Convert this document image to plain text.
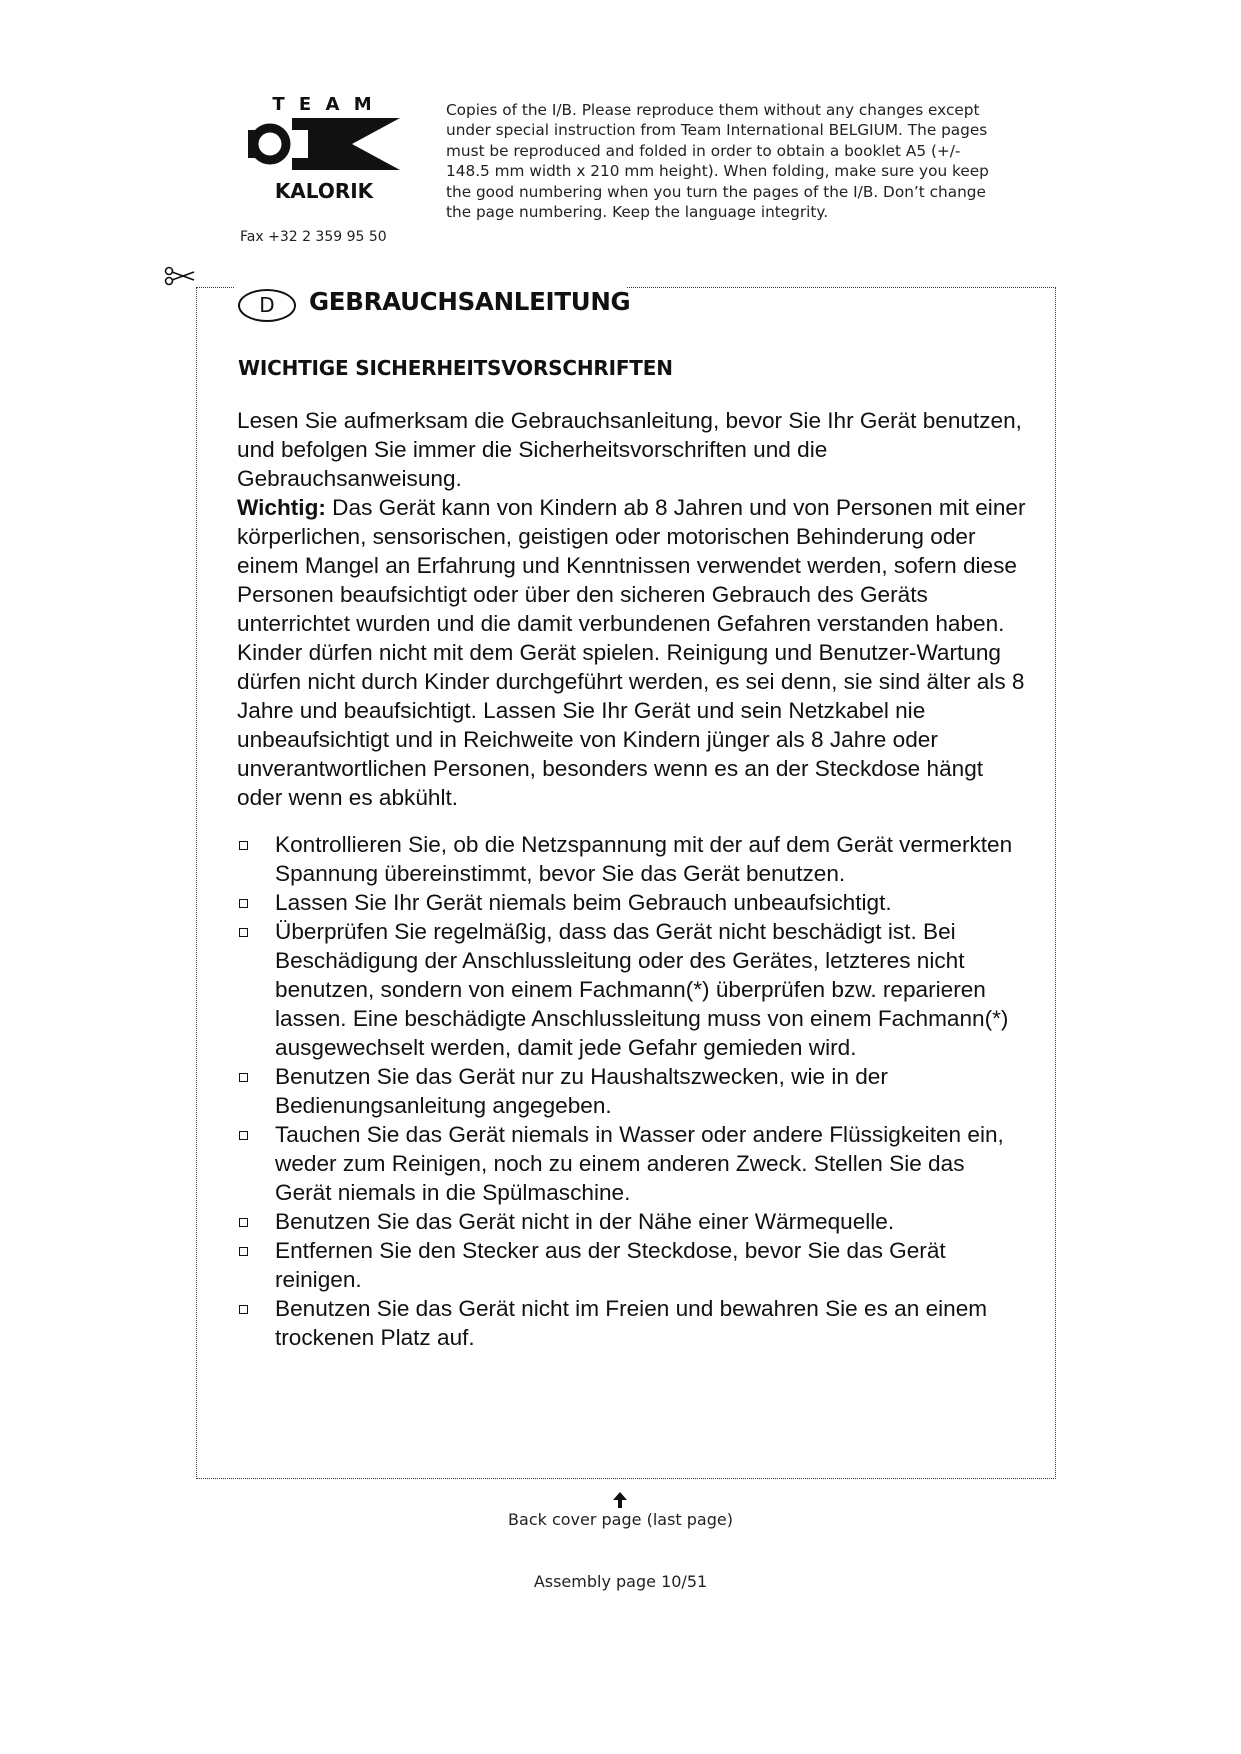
T E A M
KALORIK
Fax +32 2 359 95 50
Copies of the I/B. Please reproduce them without any changes except under special instruction from Team International BELGIUM. The pages must be reproduced and folded in order to obtain a booklet A5 (+/- 148.5 mm width x 210 mm height). When folding, make sure you keep the good numbering when you turn the pages of the I/B. Don’t change the page numbering. Keep the language integrity.
D	GEBRAUCHSANLEITUNG
WICHTIGE SICHERHEITSVORSCHRIFTEN

Lesen Sie aufmerksam die Gebrauchsanleitung, bevor Sie Ihr Gerät benutzen, und befolgen Sie immer die Sicherheitsvorschriften und die Gebrauchsanweisung.

Wichtig: Das Gerät kann von Kindern ab 8 Jahren und von Personen mit einer körperlichen, sensorischen, geistigen oder motorischen Behinderung oder einem Mangel an Erfahrung und Kenntnissen verwendet werden, sofern diese Personen beaufsichtigt oder über den sicheren Gebrauch des Geräts unterrichtet wurden und die damit verbundenen Gefahren verstanden haben. Kinder dürfen nicht mit dem Gerät spielen. Reinigung und Benutzer-Wartung dürfen nicht durch Kinder durchgeführt werden, es sei denn, sie sind älter als 8 Jahre und beaufsichtigt. Lassen Sie Ihr Gerät und sein Netzkabel nie unbeaufsichtigt und in Reichweite von Kindern jünger als 8 Jahre oder unverantwortlichen Personen, besonders wenn es an der Steckdose hängt oder wenn es abkühlt.

Kontrollieren Sie, ob die Netzspannung mit der auf dem Gerät vermerkten Spannung übereinstimmt, bevor Sie das Gerät benutzen.
Lassen Sie Ihr Gerät niemals beim Gebrauch unbeaufsichtigt.
Überprüfen Sie regelmäßig, dass das Gerät nicht beschädigt ist. Bei Beschädigung der Anschlussleitung oder des Gerätes, letzteres nicht benutzen, sondern von einem Fachmann(*) überprüfen bzw. reparieren lassen. Eine beschädigte Anschlussleitung muss von einem Fachmann(*) ausgewechselt werden, damit jede Gefahr gemieden wird.
Benutzen Sie das Gerät nur zu Haushaltszwecken, wie in der Bedienungsanleitung angegeben.
Tauchen Sie das Gerät niemals in Wasser oder andere Flüssigkeiten ein, weder zum Reinigen, noch zu einem anderen Zweck. Stellen Sie das Gerät niemals in die Spülmaschine.
Benutzen Sie das Gerät nicht in der Nähe einer Wärmequelle.
Entfernen Sie den Stecker aus der Steckdose, bevor Sie das Gerät reinigen.
Benutzen Sie das Gerät nicht im Freien und bewahren Sie es an einem trockenen Platz auf.
Back cover page (last page)
Assembly page 10/51
